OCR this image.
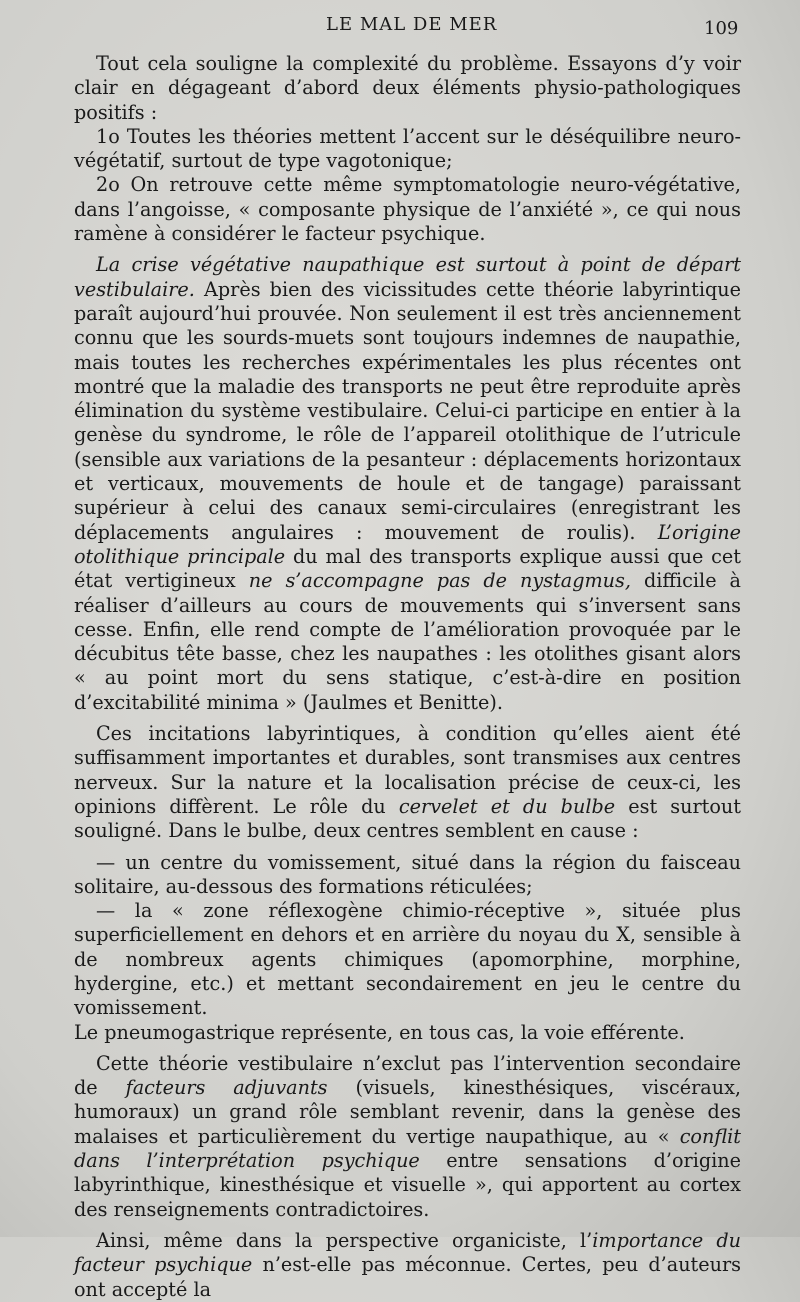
LE MAL DE MER	109

Tout cela souligne la complexité du problème. Essayons d’y voir clair en dégageant d’abord deux éléments physio-pathologiques positifs :

1o Toutes les théories mettent l’accent sur le déséquilibre neuro-végétatif, surtout de type vagotonique;

2o On retrouve cette même symptomatologie neuro-végétative, dans l’angoisse, « composante physique de l’anxiété », ce qui nous ramène à considérer le facteur psychique.

La crise végétative naupathique est surtout à point de départ vestibulaire. Après bien des vicissitudes cette théorie labyrintique paraît aujourd’hui prouvée. Non seulement il est très anciennement connu que les sourds-muets sont toujours indemnes de naupathie, mais toutes les recherches expérimentales les plus récentes ont montré que la maladie des transports ne peut être reproduite après élimination du système vestibulaire. Celui-ci participe en entier à la genèse du syndrome, le rôle de l’appareil otolithique de l’utricule (sensible aux variations de la pesanteur : déplacements horizontaux et verticaux, mouvements de houle et de tangage) paraissant supérieur à celui des canaux semi-circulaires (enregistrant les déplacements angulaires : mouvement de roulis). L’origine otolithique principale du mal des transports explique aussi que cet état vertigineux ne s’accompagne pas de nystagmus, difficile à réaliser d’ailleurs au cours de mouvements qui s’inversent sans cesse. Enfin, elle rend compte de l’amélioration provoquée par le décubitus tête basse, chez les naupathes : les otolithes gisant alors « au point mort du sens statique, c’est-à-dire en position d’excitabilité minima » (Jaulmes et Benitte).

Ces incitations labyrintiques, à condition qu’elles aient été suffisamment importantes et durables, sont transmises aux centres nerveux. Sur la nature et la localisation précise de ceux-ci, les opinions diffèrent. Le rôle du cervelet et du bulbe est surtout souligné. Dans le bulbe, deux centres semblent en cause :

— un centre du vomissement, situé dans la région du faisceau solitaire, au-dessous des formations réticulées;

— la « zone réflexogène chimio-réceptive », située plus superficiellement en dehors et en arrière du noyau du X, sensible à de nombreux agents chimiques (apomorphine, morphine, hydergine, etc.) et mettant secondairement en jeu le centre du vomissement.

Le pneumogastrique représente, en tous cas, la voie efférente.

Cette théorie vestibulaire n’exclut pas l’intervention secondaire de facteurs adjuvants (visuels, kinesthésiques, viscéraux, humoraux) un grand rôle semblant revenir, dans la genèse des malaises et particulièrement du vertige naupathique, au « conflit dans l’interprétation psychique entre sensations d’origine labyrinthique, kinesthésique et visuelle », qui apportent au cortex des renseignements contradictoires.

Ainsi, même dans la perspective organiciste, l’importance du facteur psychique n’est-elle pas méconnue. Certes, peu d’auteurs ont accepté la
